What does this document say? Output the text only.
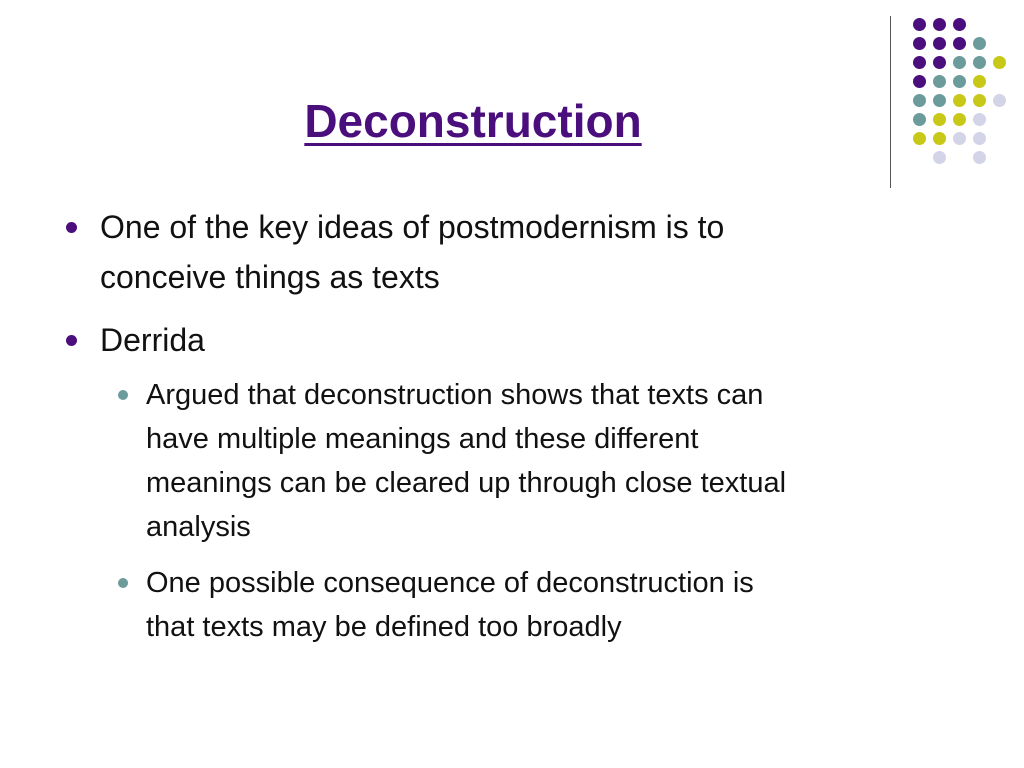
Deconstruction
One of the key ideas of postmodernism is to
conceive things as texts
Derrida
Argued that deconstruction shows that texts can
have multiple meanings and these different
meanings can be cleared up through close textual
analysis
One possible consequence of deconstruction is
that texts may be defined too broadly
